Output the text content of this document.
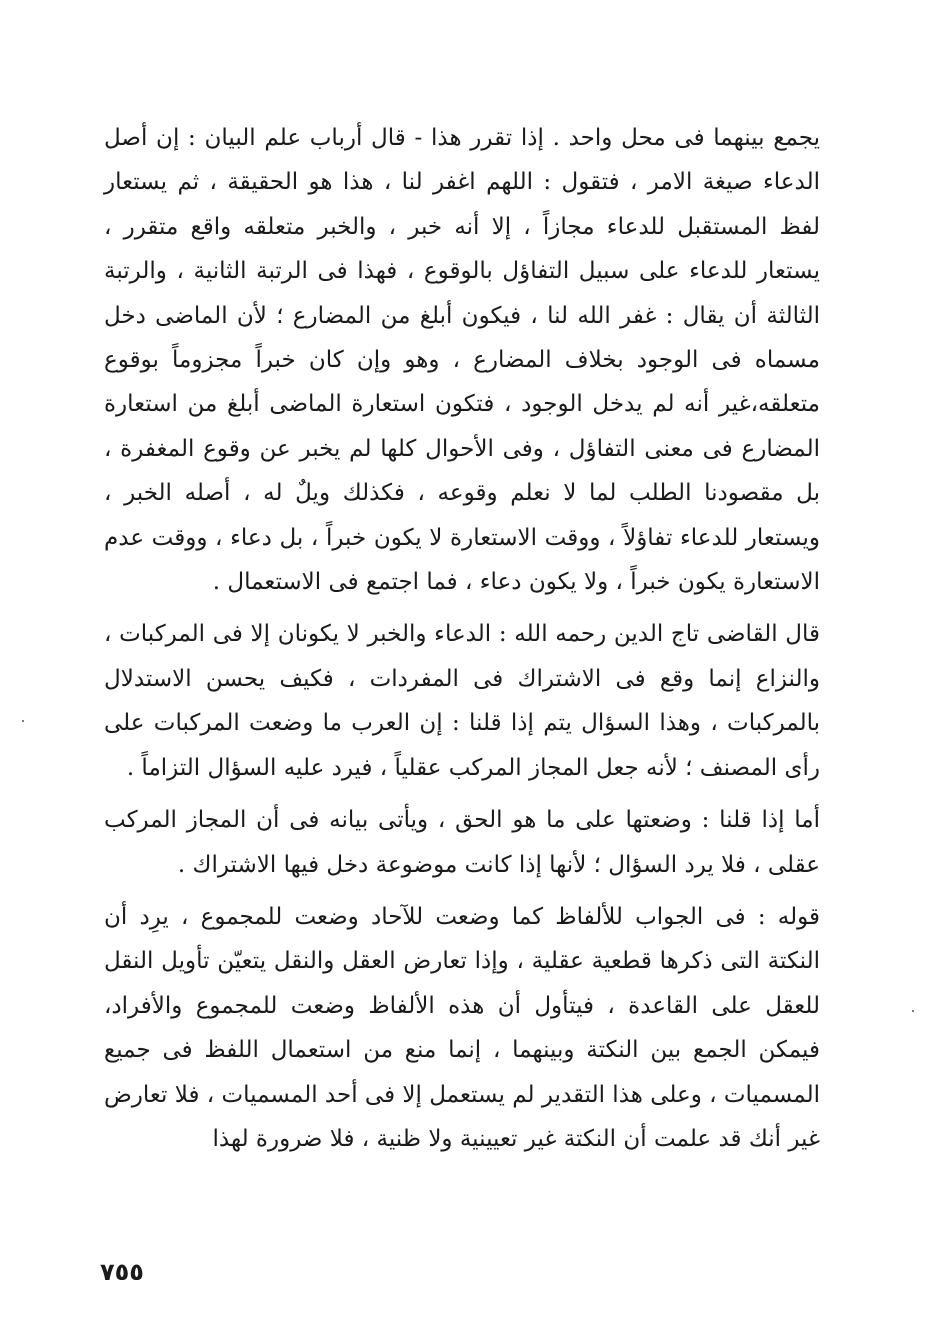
يجمع بينهما فى محل واحد . إذا تقرر هذا - قال أرباب علم البيان : إن أصل الدعاء صيغة الامر ، فتقول : اللهم اغفر لنا ، هذا هو الحقيقة ، ثم يستعار لفظ المستقبل للدعاء مجازاً ، إلا أنه خبر ، والخبر متعلقه واقع متقرر ، يستعار للدعاء على سبيل التفاؤل بالوقوع ، فهذا فى الرتبة الثانية ، والرتبة الثالثة أن يقال : غفر الله لنا ، فيكون أبلغ من المضارع ؛ لأن الماضى دخل مسماه فى الوجود بخلاف المضارع ، وهو وإن كان خبراً مجزوماً بوقوع متعلقه،غير أنه لم يدخل الوجود ، فتكون استعارة الماضى أبلغ من استعارة المضارع فى معنى التفاؤل ، وفى الأحوال كلها لم يخبر عن وقوع المغفرة ، بل مقصودنا الطلب لما لا نعلم وقوعه ، فكذلك ويلٌ له ، أصله الخبر ، ويستعار للدعاء تفاؤلاً ، ووقت الاستعارة لا يكون خبراً ، بل دعاء ، ووقت عدم الاستعارة يكون خبراً ، ولا يكون دعاء ، فما اجتمع فى الاستعمال .

قال القاضى تاج الدين رحمه الله : الدعاء والخبر لا يكونان إلا فى المركبات ، والنزاع إنما وقع فى الاشتراك فى المفردات ، فكيف يحسن الاستدلال بالمركبات ، وهذا السؤال يتم إذا قلنا : إن العرب ما وضعت المركبات على رأى المصنف ؛ لأنه جعل المجاز المركب عقلياً ، فيرد عليه السؤال التزاماً .

أما إذا قلنا : وضعتها على ما هو الحق ، ويأتى بيانه فى أن المجاز المركب عقلى ، فلا يرد السؤال ؛ لأنها إذا كانت موضوعة دخل فيها الاشتراك .

قوله : فى الجواب للألفاظ كما وضعت للآحاد وضعت للمجموع ، يرِد أن النكتة التى ذكرها قطعية عقلية ، وإذا تعارض العقل والنقل يتعيّن تأويل النقل للعقل على القاعدة ، فيتأول أن هذه الألفاظ وضعت للمجموع والأفراد، فيمكن الجمع بين النكتة وبينهما ، إنما منع من استعمال اللفظ فى جميع المسميات ، وعلى هذا التقدير لم يستعمل إلا فى أحد المسميات ، فلا تعارض غير أنك قد علمت أن النكتة غير تعيينية ولا ظنية ، فلا ضرورة لهذا

٧٥٥
